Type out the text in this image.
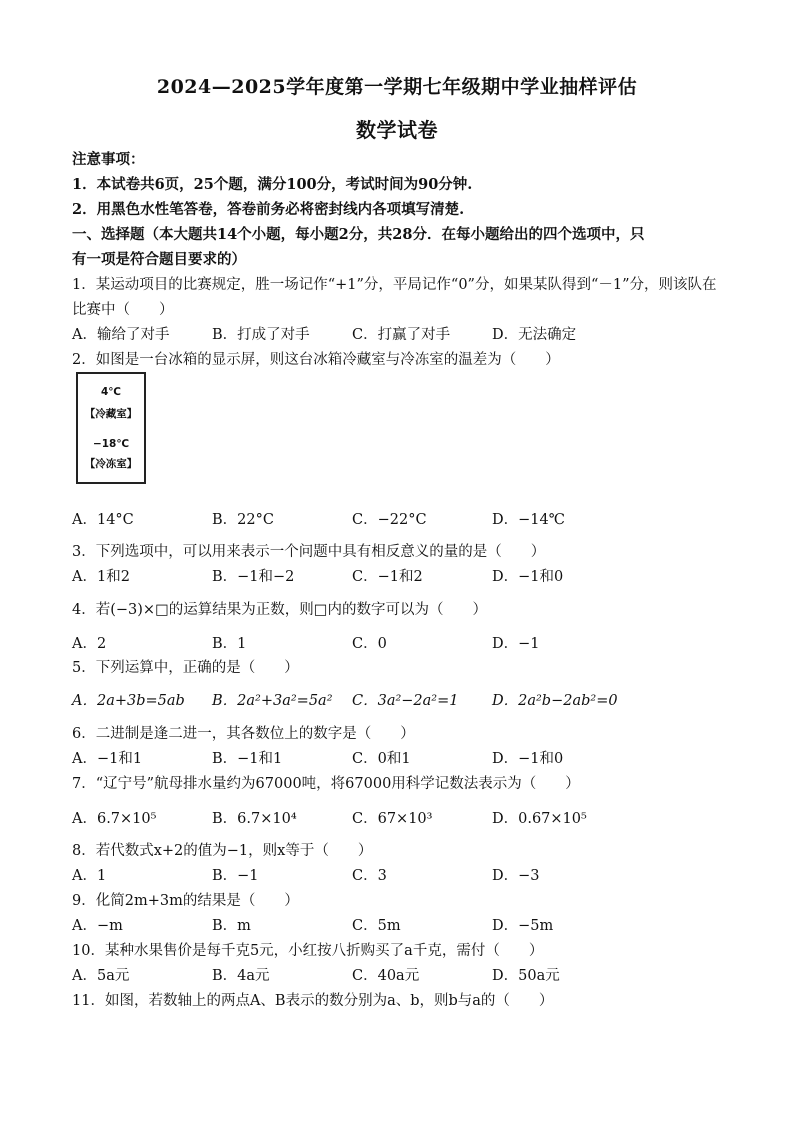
2024—2025学年度第一学期七年级期中学业抽样评估
数学试卷
注意事项：
1．本试卷共6页，25个题，满分100分，考试时间为90分钟.
2．用黑色水性笔答卷，答卷前务必将密封线内各项填写清楚.
一、选择题（本大题共14个小题，每小题2分，共28分．在每小题给出的四个选项中，只
有一项是符合题目要求的）
1．某运动项目的比赛规定，胜一场记作“+1”分，平局记作“0”分，如果某队得到“－1”分，则该队在
比赛中（　　）
A．输给了对手	B．打成了对手	C．打赢了对手	D．无法确定
2．如图是一台冰箱的显示屏，则这台冰箱冷藏室与冷冻室的温差为（　　）
4℃
【冷藏室】
−18℃
【冷冻室】
A．14°C	B．22°C	C．−22°C	D．−14℃
3．下列选项中，可以用来表示一个问题中具有相反意义的量的是（　　）
A．1和2	B．−1和−2	C．−1和2	D．−1和0
4．若(−3)×□的运算结果为正数，则□内的数字可以为（　　）
A．2	B．1	C．0	D．−1
5．下列运算中，正确的是（　　）
A．2a+3b=5ab B．2a²+3a²=5a² C．3a²−2a²=1 D．2a²b−2ab²=0
6．二进制是逢二进一，其各数位上的数字是（　　）
A．−1和1	B．−1和1	C．0和1	D．−1和0
7．“辽宁号”航母排水量约为67000吨，将67000用科学记数法表示为（　　）
A．6.7×10⁵	B．6.7×10⁴	C．67×10³	D．0.67×10⁵
8．若代数式x+2的值为−1，则x等于（　　）
A．1	B．−1	C．3	D．−3
9．化简2m+3m的结果是（　　）
A．−m	B．m	C．5m	D．−5m
10．某种水果售价是每千克5元，小红按八折购买了a千克，需付（　　）
A．5a元	B．4a元	C．40a元	D．50a元
11．如图，若数轴上的两点A、B表示的数分别为a、b，则b与a的（　　）
